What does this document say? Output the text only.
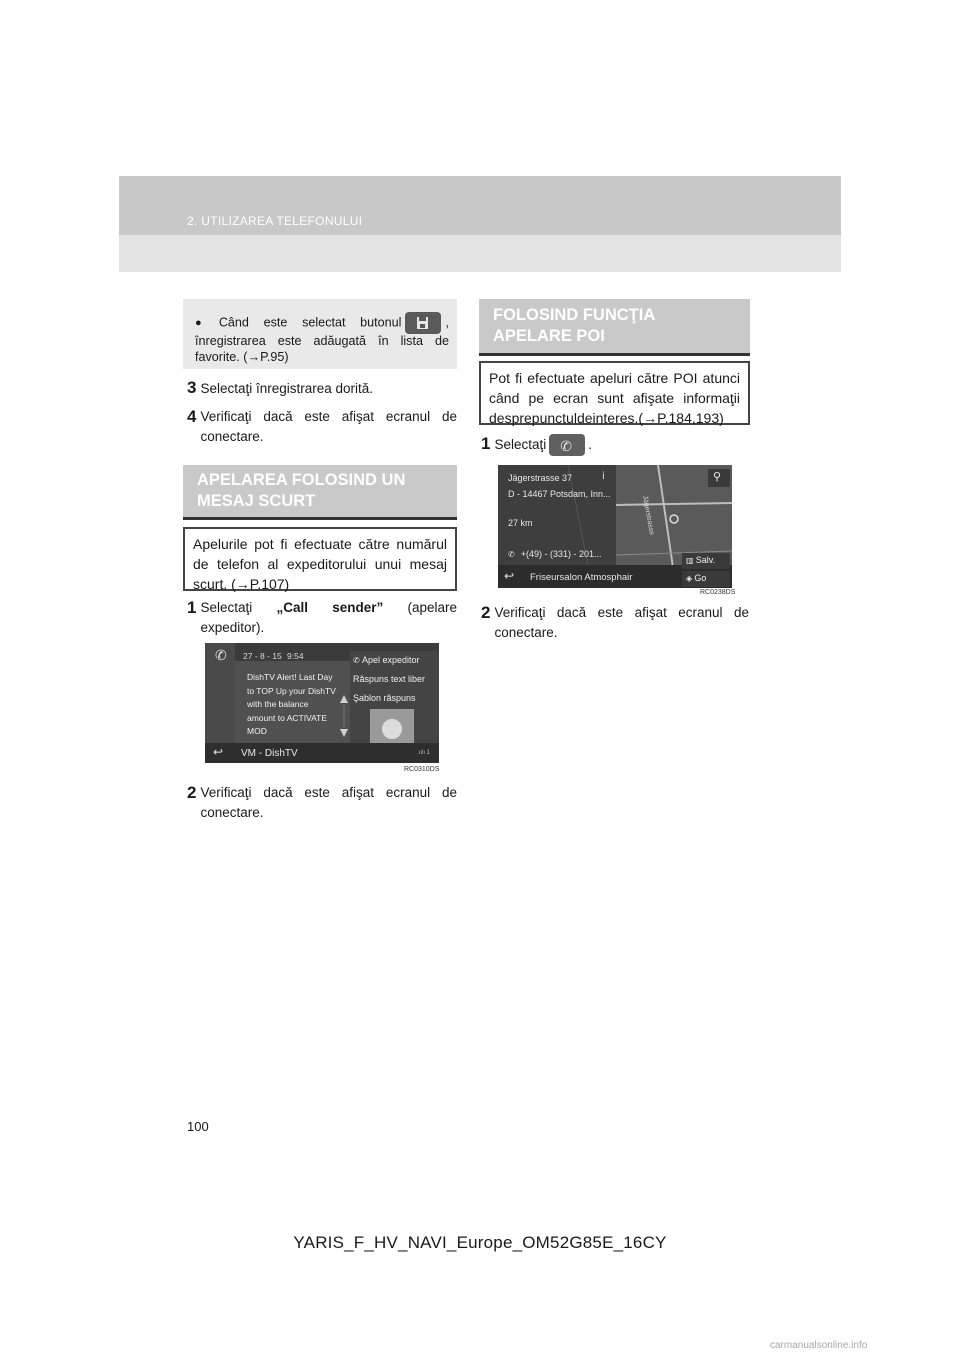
2. UTILIZAREA TELEFONULUI
● Când este selectat butonul	, înregistrarea este adăugată în lista de favorite. (→P.95)
3 Selectaţi înregistrarea dorită.
4 Verificaţi dacă este afişat ecranul de conectare.
APELAREA FOLOSIND UN MESAJ SCURT
Apelurile pot fi efectuate către numărul de telefon al expeditorului unui mesaj scurt. (→P.107)
1 Selectaţi „Call sender” (apelare expeditor).
✆ 27 - 8 - 15 9:54
DishTV Alert! Last Day to TOP Up your DishTV with the balance amount to ACTIVATE MOD
✆ Apel expeditor
Răspuns text liber
Şablon răspuns
↩ VM - DishTV	.ıılı 1
RC0310DS
2 Verificaţi dacă este afişat ecranul de conectare.
FOLOSIND FUNCŢIA APELARE POI
Pot fi efectuate apeluri către POI atunci când pe ecran sunt afişate informaţii desprepunctuldeinteres.(→P.184,193)
1 Selectaţi ✆ .
Jägerstrasse 37
D - 14467 Potsdam, Inn...
ⅰ
27 km
✆ +(49) - (331) - 201...
Jägerstrasse
⚲
▥ Salv.
◈ Go
↩ Friseursalon Atmosphair
RC0238DS
2 Verificaţi dacă este afişat ecranul de conectare.
100
YARIS_F_HV_NAVI_Europe_OM52G85E_16CY
carmanualsonline.info
